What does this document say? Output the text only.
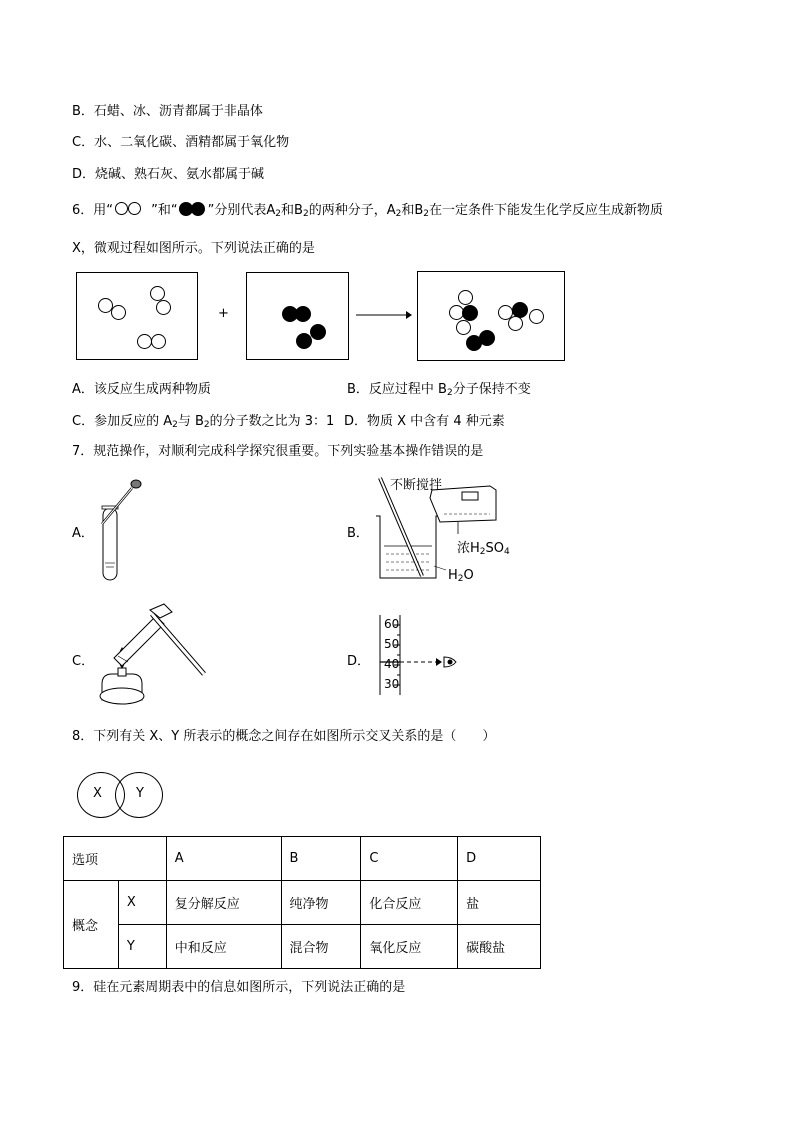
B．石蜡、冰、沥青都属于非晶体
C．水、二氧化碳、酒精都属于氧化物
D．烧碱、熟石灰、氨水都属于碱
6．用“	”和“ ”分别代表$A_2$和$B_2$的两种分子，$A_2$和$B_2$在一定条件下能发生化学反应生成新物质
X，微观过程如图所示。下列说法正确的是
+
A．该反应生成两种物质	B．反应过程中 $B_2$分子保持不变
C．参加反应的 $A_2$与 $B_2$的分子数之比为 3：1 D．物质 X 中含有 4 种元素
7．规范操作，对顺利完成科学探究很重要。下列实验基本操作错误的是
A．	B．
不断搅拌
浓$H_2SO_4$
$H_2O$
C．	D．
60
50
40
30
8．下列有关 X、Y 所表示的概念之间存在如图所示交叉关系的是（　　）
X	Y
选项		A	B	C	D
概念	X	复分解反应	纯净物	化合反应	盐
	Y	中和反应	混合物	氧化反应	碳酸盐
9．硅在元素周期表中的信息如图所示，下列说法正确的是
